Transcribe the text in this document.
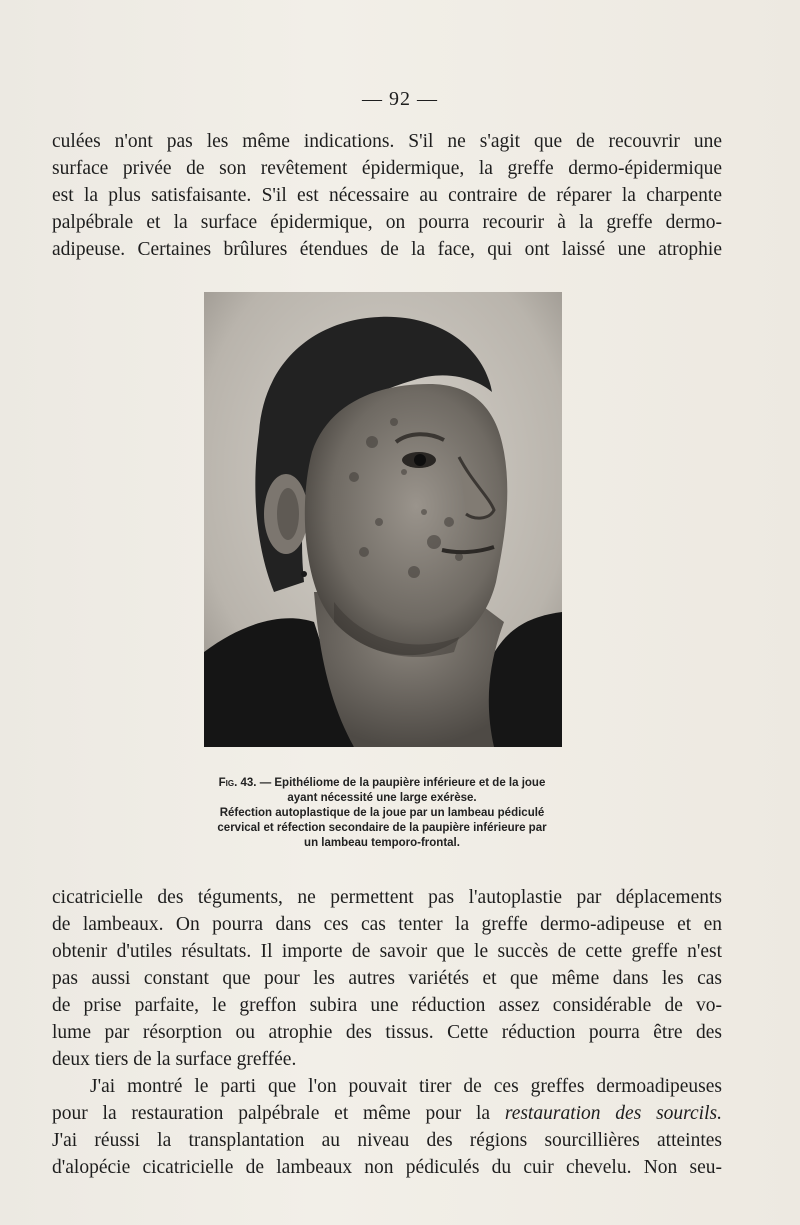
— 92 —
culées n'ont pas les même indications. S'il ne s'agit que de recouvrir une
surface privée de son revêtement épidermique, la greffe dermo-épidermique
est la plus satisfaisante. S'il est nécessaire au contraire de réparer la charpente
palpébrale et la surface épidermique, on pourra recourir à la greffe dermo-
adipeuse. Certaines brûlures étendues de la face, qui ont laissé une atrophie
Fig. 43. — Epithéliome de la paupière inférieure et de la joue
ayant nécessité une large exérèse.
Réfection autoplastique de la joue par un lambeau pédiculé
cervical et réfection secondaire de la paupière inférieure par
un lambeau temporo-frontal.
cicatricielle des téguments, ne permettent pas l'autoplastie par déplacements
de lambeaux. On pourra dans ces cas tenter la greffe dermo-adipeuse et en
obtenir d'utiles résultats. Il importe de savoir que le succès de cette greffe n'est
pas aussi constant que pour les autres variétés et que même dans les cas
de prise parfaite, le greffon subira une réduction assez considérable de vo-
lume par résorption ou atrophie des tissus. Cette réduction pourra être des
deux tiers de la surface greffée.
J'ai montré le parti que l'on pouvait tirer de ces greffes dermoadipeuses
pour la restauration palpébrale et même pour la restauration des sourcils.
J'ai réussi la transplantation au niveau des régions sourcillières atteintes
d'alopécie cicatricielle de lambeaux non pédiculés du cuir chevelu. Non seu-
